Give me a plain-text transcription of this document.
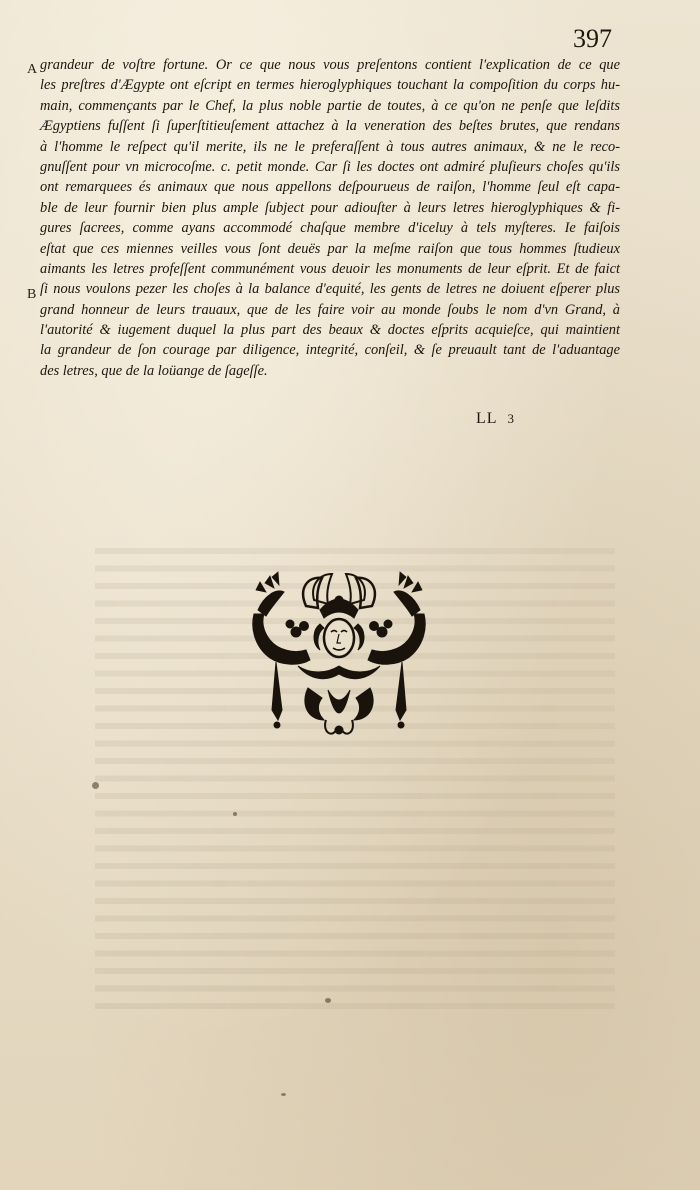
397
A
B
grandeur de voſtre fortune. Or ce que nous vous preſentons contient l'explication de ce que
les preſtres d'Ægypte ont eſcript en termes hieroglyphiques touchant la compoſition du corps hu-
main, commençants par le Chef, la plus noble partie de toutes, à ce qu'on ne penſe que leſdits
Ægyptiens fuſſent ſi ſuperſtitieuſement attachez à la veneration des beſtes brutes, que rendans
à l'homme le reſpect qu'il merite, ils ne le preferaſſent à tous autres animaux, & ne le reco-
gnuſſent pour vn microcoſme. c. petit monde. Car ſi les doctes ont admiré pluſieurs choſes qu'ils
ont remarquees és animaux que nous appellons deſpourueus de raiſon, l'homme ſeul eſt capa-
ble de leur fournir bien plus ample ſubject pour adiouſter à leurs letres hieroglyphiques & fi-
gures ſacrees, comme ayans accommodé chaſque membre d'iceluy à tels myſteres. Ie faiſois
eſtat que ces miennes veilles vous ſont deuës par la meſme raiſon que tous hommes ſtudieux
aimants les letres profeſſent communément vous deuoir les monuments de leur eſprit. Et de faict
ſi nous voulons pezer les choſes à la balance d'equité, les gents de letres ne doiuent eſperer plus
grand honneur de leurs trauaux, que de les faire voir au monde ſoubs le nom d'vn Grand, à
l'autorité & iugement duquel la plus part des beaux & doctes eſprits acquieſce, qui maintient
la grandeur de ſon courage par diligence, integrité, conſeil, & ſe preuault tant de l'aduantage
des letres, que de la loüange de ſageſſe.
LL 3
